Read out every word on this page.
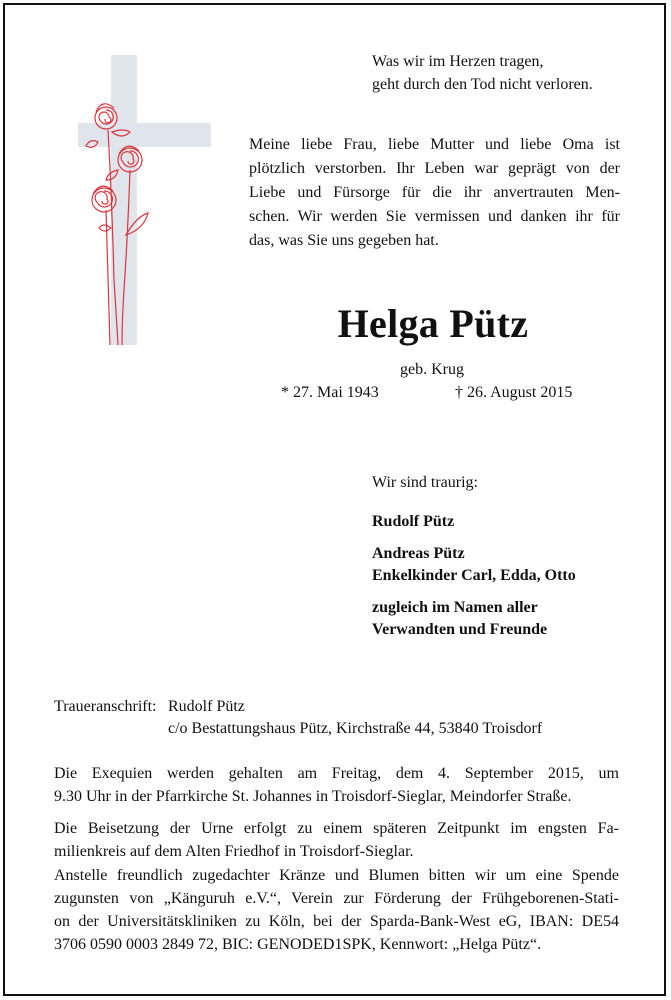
Was wir im Herzen tragen,
geht durch den Tod nicht verloren.
Meine liebe Frau, liebe Mutter und liebe Oma ist
plötzlich verstorben. Ihr Leben war geprägt von der
Liebe und Fürsorge für die ihr anvertrauten Men-
schen. Wir werden Sie vermissen und danken ihr für
das, was Sie uns gegeben hat.
Helga Pütz
geb. Krug
* 27. Mai 1943	† 26. August 2015
Wir sind traurig:
Rudolf Pütz
Andreas Pütz
Enkelkinder Carl, Edda, Otto
zugleich im Namen aller
Verwandten und Freunde
Traueranschrift: Rudolf Pütz
c/o Bestattungshaus Pütz, Kirchstraße 44, 53840 Troisdorf
Die Exequien werden gehalten am Freitag, dem 4. September 2015, um
9.30 Uhr in der Pfarrkirche St. Johannes in Troisdorf-Sieglar, Meindorfer Straße.
Die Beisetzung der Urne erfolgt zu einem späteren Zeitpunkt im engsten Fa-
milienkreis auf dem Alten Friedhof in Troisdorf-Sieglar.
Anstelle freundlich zugedachter Kränze und Blumen bitten wir um eine Spende
zugunsten von „Känguruh e.V.“, Verein zur Förderung der Frühgeborenen-Stati-
on der Universitätskliniken zu Köln, bei der Sparda-Bank-West eG, IBAN: DE54
3706 0590 0003 2849 72, BIC: GENODED1SPK, Kennwort: „Helga Pütz“.
